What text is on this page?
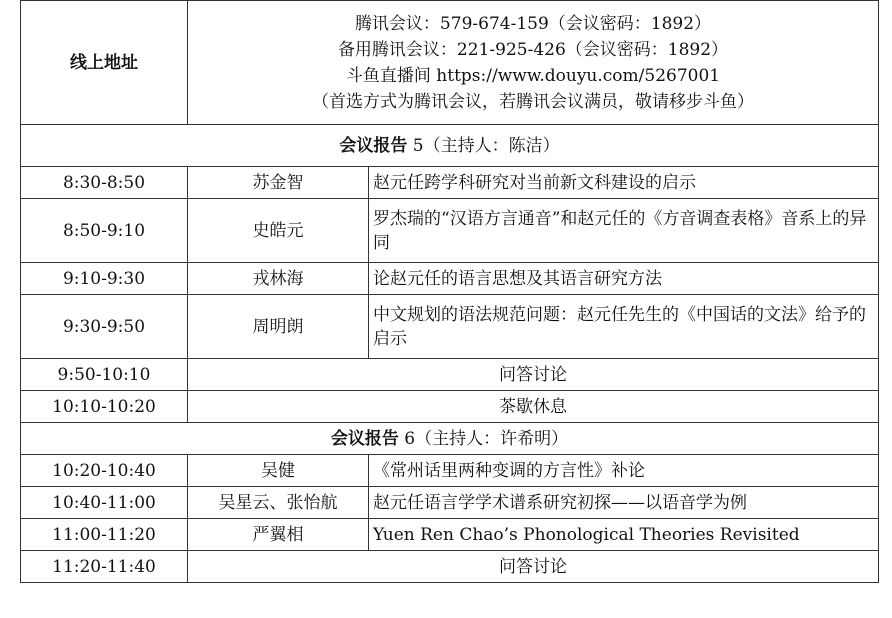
线上地址	腾讯会议：579-674-159（会议密码：1892）
备用腾讯会议：221-925-426（会议密码：1892）
斗鱼直播间 https://www.douyu.com/5267001
（首选方式为腾讯会议，若腾讯会议满员，敬请移步斗鱼）	

会议报告 5（主持人：陈洁）		
8:30-8:50	苏金智	赵元任跨学科研究对当前新文科建设的启示
8:50-9:10	史皓元	罗杰瑞的“汉语方言通音”和赵元任的《方音调查表格》音系上的异同
9:10-9:30	戎林海	论赵元任的语言思想及其语言研究方法
9:30-9:50	周明朗	中文规划的语法规范问题：赵元任先生的《中国话的文法》给予的启示
9:50-10:10	问答讨论	
10:10-10:20	茶歇休息	
会议报告 6（主持人：许希明）		
10:20-10:40	吴健	《常州话里两种变调的方言性》补论
10:40-11:00	吴星云、张怡航	赵元任语言学学术谱系研究初探——以语音学为例
11:00-11:20	严翼相	Yuen Ren Chao’s Phonological Theories Revisited
11:20-11:40	问答讨论	
